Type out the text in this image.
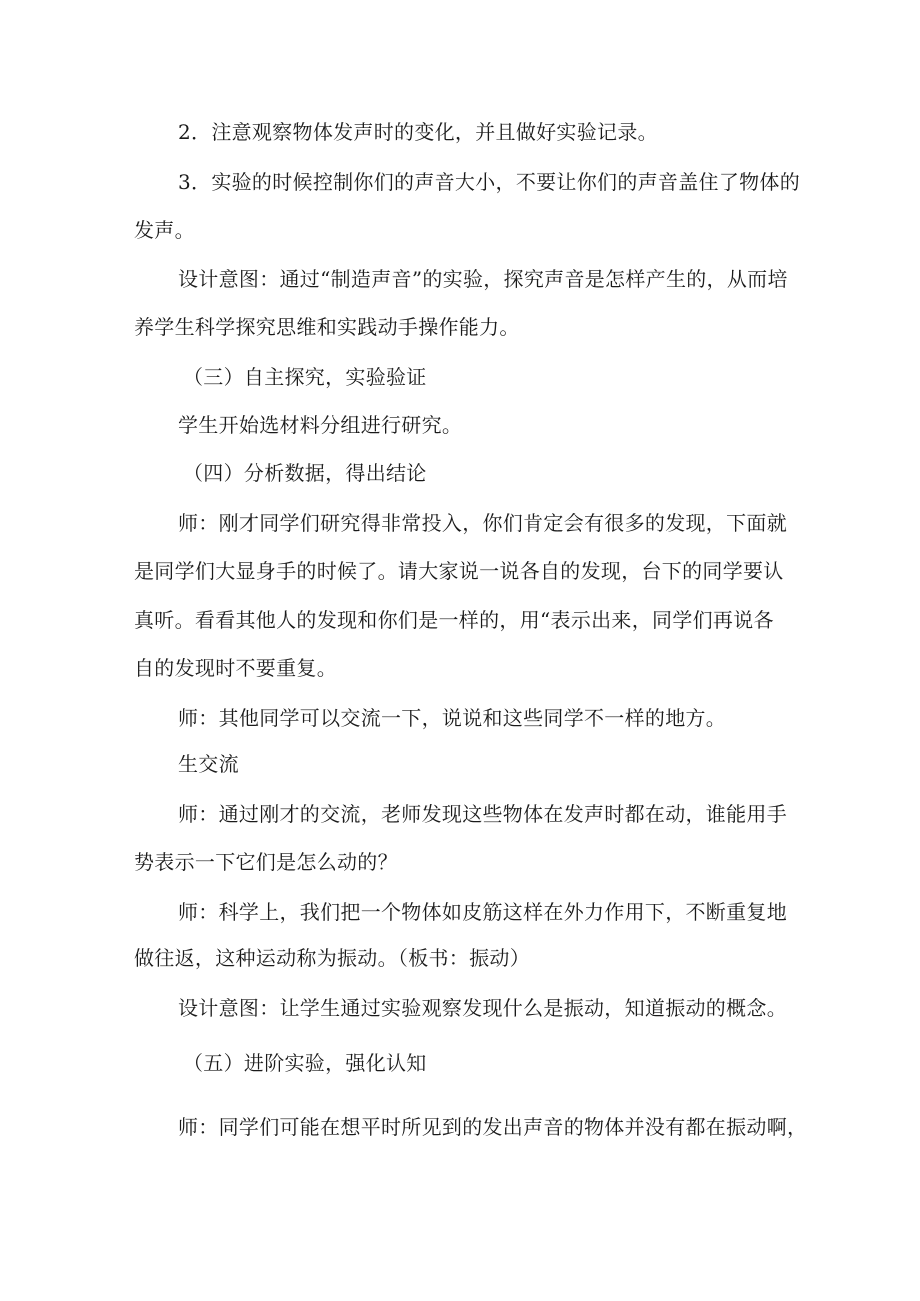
2．注意观察物体发声时的变化，并且做好实验记录。
3．实验的时候控制你们的声音大小，不要让你们的声音盖住了物体的
发声。
设计意图：通过“制造声音”的实验，探究声音是怎样产生的，从而培
养学生科学探究思维和实践动手操作能力。
（三）自主探究，实验验证
学生开始选材料分组进行研究。
（四）分析数据，得出结论
师：刚才同学们研究得非常投入，你们肯定会有很多的发现，下面就
是同学们大显身手的时候了。请大家说一说各自的发现，台下的同学要认
真听。看看其他人的发现和你们是一样的，用“表示出来，同学们再说各
自的发现时不要重复。
师：其他同学可以交流一下，说说和这些同学不一样的地方。
生交流
师：通过刚才的交流，老师发现这些物体在发声时都在动，谁能用手
势表示一下它们是怎么动的？
师：科学上，我们把一个物体如皮筋这样在外力作用下，不断重复地
做往返，这种运动称为振动。（板书：振动）
设计意图：让学生通过实验观察发现什么是振动，知道振动的概念。
（五）进阶实验，强化认知
师：同学们可能在想平时所见到的发出声音的物体并没有都在振动啊，
